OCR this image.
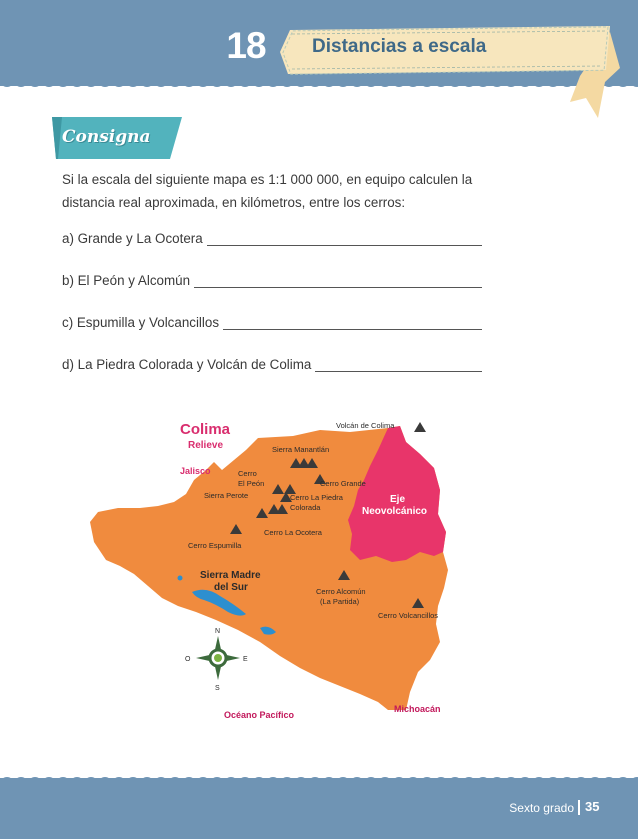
18	Distancias a escala
Consigna
Si la escala del siguiente mapa es 1:1 000 000, en equipo calculen la distancia real aproximada, en kilómetros, entre los cerros:
a) Grande y La Ocotera
b) El Peón y Alcomún
c) Espumilla y Volcancillos
d) La Piedra Colorada y Volcán de Colima
Colima
Relieve
Jalisco
Volcán de Colima
Sierra Manantlán
Cerro
El Peón	Cerro Grande
Sierra Perote	Cerro La Piedra
Colorada
Eje
Neovolcánico
Cerro La Ocotera
Cerro Espumilla
Sierra Madre
del Sur	Cerro Alcomún
(La Partida)
Cerro Volcancillos
Michoacán
Océano Pacífico
N
S
E
O
Sexto grado 35
